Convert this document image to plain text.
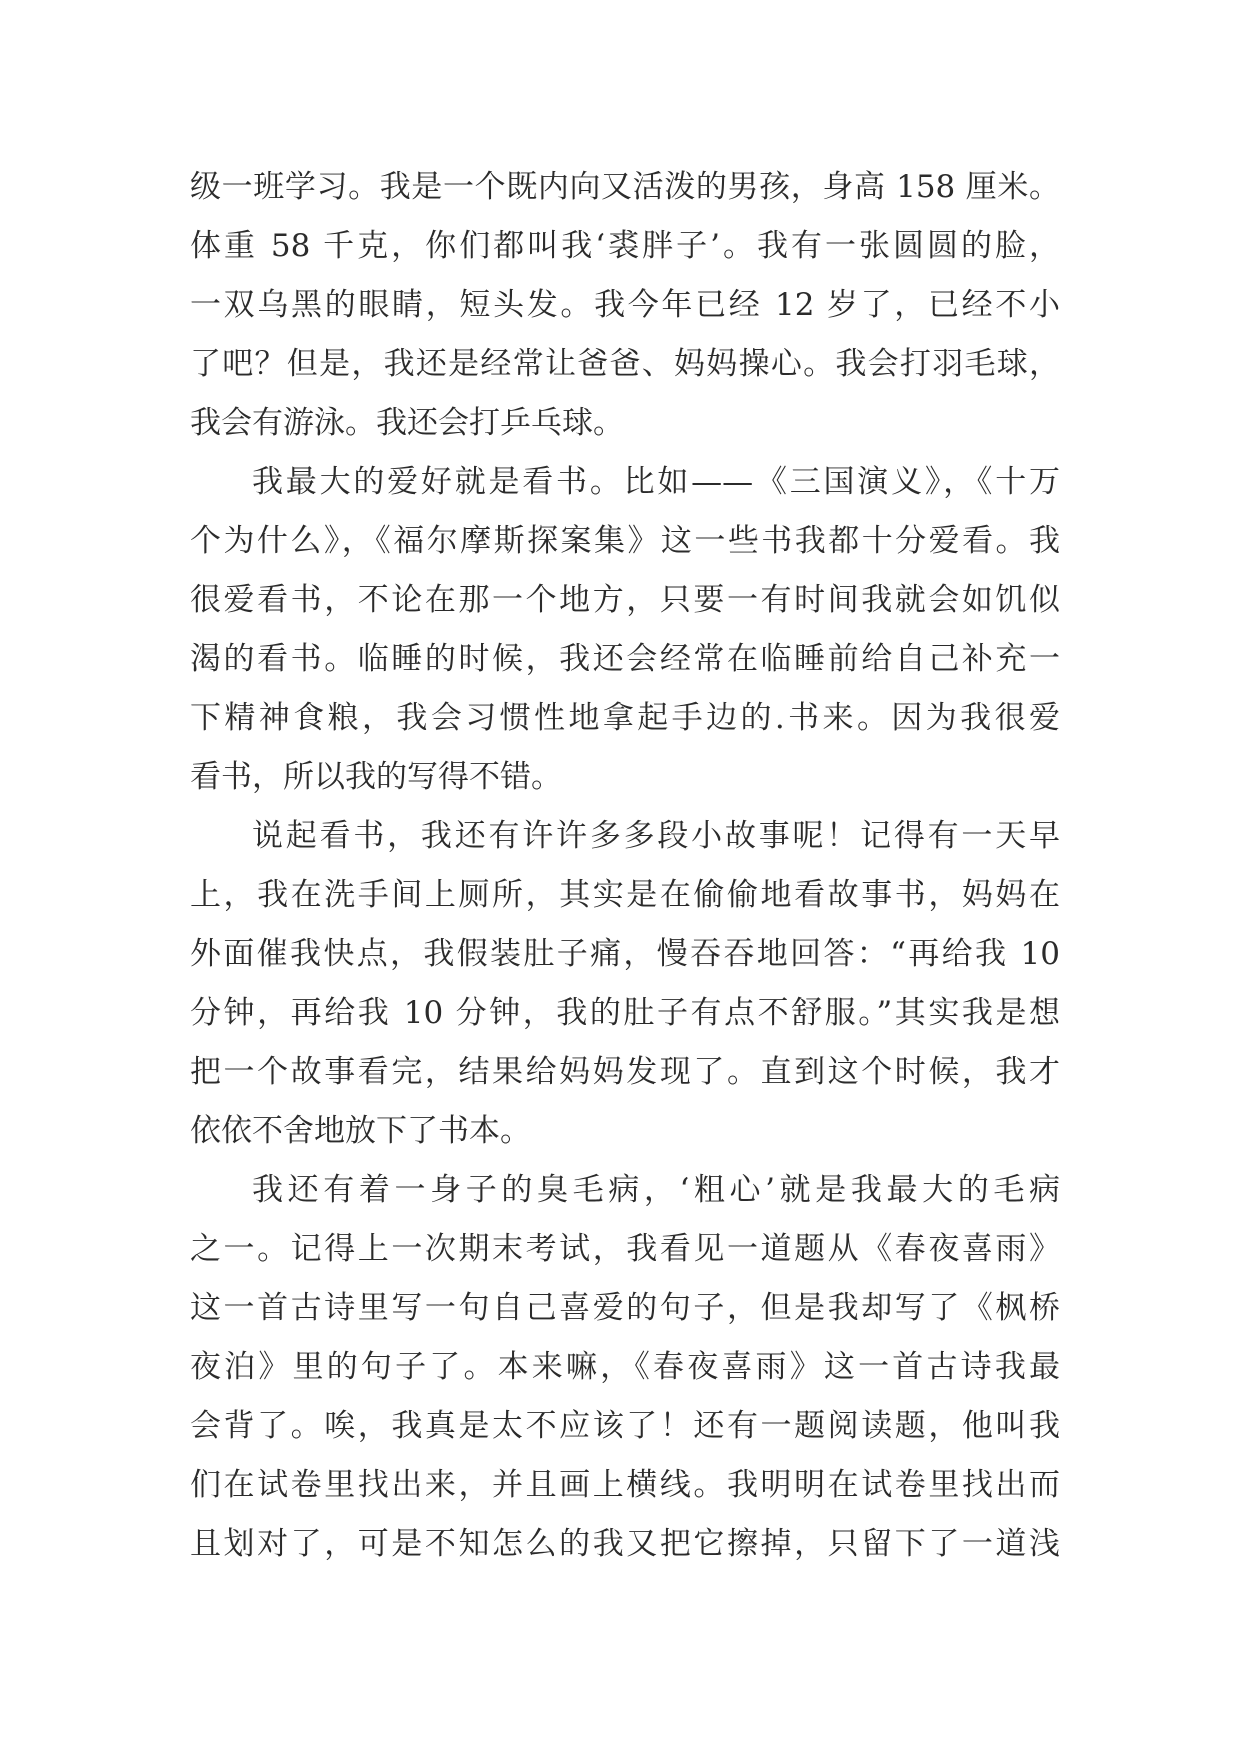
级一班学习。我是一个既内向又活泼的男孩，身高 158 厘米。
体重 58 千克，你们都叫我‘裘胖子’。我有一张圆圆的脸，
一双乌黑的眼睛，短头发。我今年已经 12 岁了，已经不小
了吧？但是，我还是经常让爸爸、妈妈操心。我会打羽毛球，
我会有游泳。我还会打乒乓球。
我最大的爱好就是看书。比如——《三国演义》，《十万
个为什么》，《福尔摩斯探案集》这一些书我都十分爱看。我
很爱看书，不论在那一个地方，只要一有时间我就会如饥似
渴的看书。临睡的时候，我还会经常在临睡前给自己补充一
下精神食粮，我会习惯性地拿起手边的.书来。因为我很爱
看书，所以我的写得不错。
说起看书，我还有许许多多段小故事呢！记得有一天早
上，我在洗手间上厕所，其实是在偷偷地看故事书，妈妈在
外面催我快点，我假装肚子痛，慢吞吞地回答：“再给我 10
分钟，再给我 10 分钟，我的肚子有点不舒服。”其实我是想
把一个故事看完，结果给妈妈发现了。直到这个时候，我才
依依不舍地放下了书本。
我还有着一身子的臭毛病，‘粗心’就是我最大的毛病
之一。记得上一次期末考试，我看见一道题从《春夜喜雨》
这一首古诗里写一句自己喜爱的句子，但是我却写了《枫桥
夜泊》里的句子了。本来嘛，《春夜喜雨》这一首古诗我最
会背了。唉，我真是太不应该了！还有一题阅读题，他叫我
们在试卷里找出来，并且画上横线。我明明在试卷里找出而
且划对了，可是不知怎么的我又把它擦掉，只留下了一道浅
